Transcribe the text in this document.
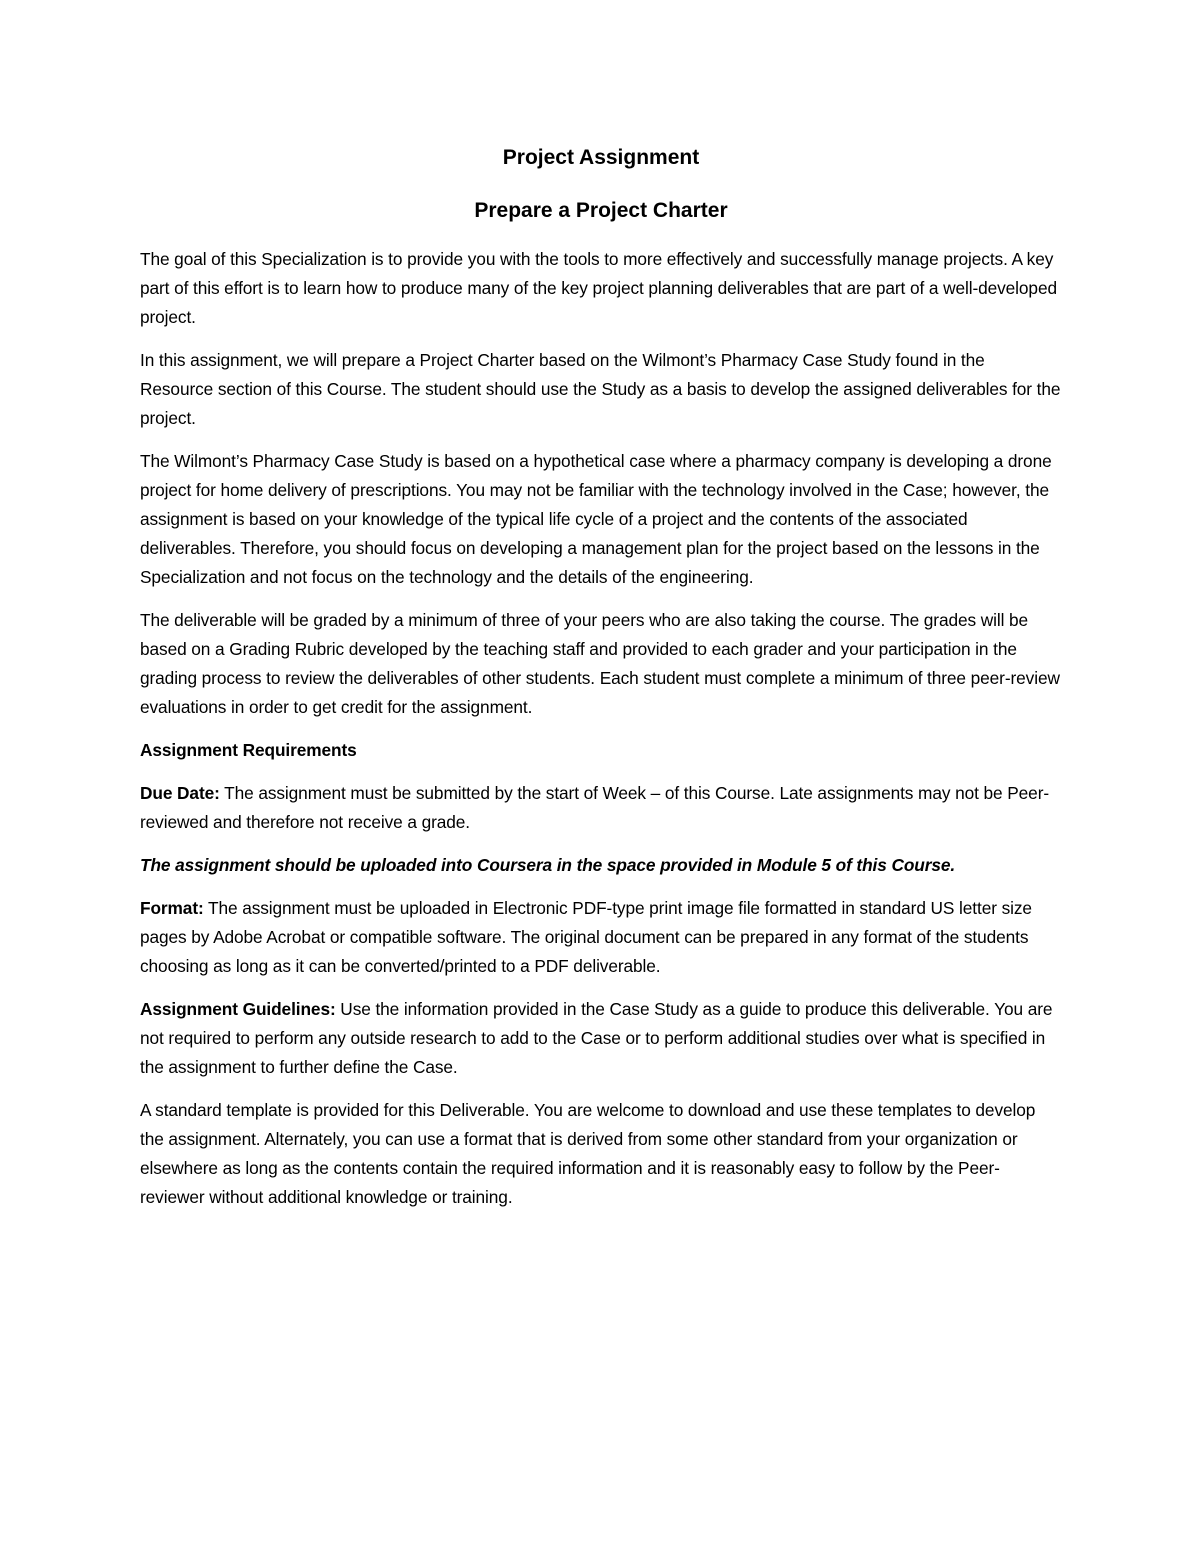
Project Assignment
Prepare a Project Charter

The goal of this Specialization is to provide you with the tools to more effectively and successfully manage projects. A key part of this effort is to learn how to produce many of the key project planning deliverables that are part of a well-developed project.

In this assignment, we will prepare a Project Charter based on the Wilmont’s Pharmacy Case Study found in the Resource section of this Course. The student should use the Study as a basis to develop the assigned deliverables for the project.

The Wilmont’s Pharmacy Case Study is based on a hypothetical case where a pharmacy company is developing a drone project for home delivery of prescriptions. You may not be familiar with the technology involved in the Case; however, the assignment is based on your knowledge of the typical life cycle of a project and the contents of the associated deliverables. Therefore, you should focus on developing a management plan for the project based on the lessons in the Specialization and not focus on the technology and the details of the engineering.

The deliverable will be graded by a minimum of three of your peers who are also taking the course. The grades will be based on a Grading Rubric developed by the teaching staff and provided to each grader and your participation in the grading process to review the deliverables of other students. Each student must complete a minimum of three peer-review evaluations in order to get credit for the assignment.

Assignment Requirements

Due Date: The assignment must be submitted by the start of Week – of this Course. Late assignments may not be Peer-reviewed and therefore not receive a grade.

The assignment should be uploaded into Coursera in the space provided in Module 5 of this Course.

Format: The assignment must be uploaded in Electronic PDF-type print image file formatted in standard US letter size pages by Adobe Acrobat or compatible software. The original document can be prepared in any format of the students choosing as long as it can be converted/printed to a PDF deliverable.

Assignment Guidelines: Use the information provided in the Case Study as a guide to produce this deliverable. You are not required to perform any outside research to add to the Case or to perform additional studies over what is specified in the assignment to further define the Case.

A standard template is provided for this Deliverable. You are welcome to download and use these templates to develop the assignment. Alternately, you can use a format that is derived from some other standard from your organization or elsewhere as long as the contents contain the required information and it is reasonably easy to follow by the Peer-reviewer without additional knowledge or training.
